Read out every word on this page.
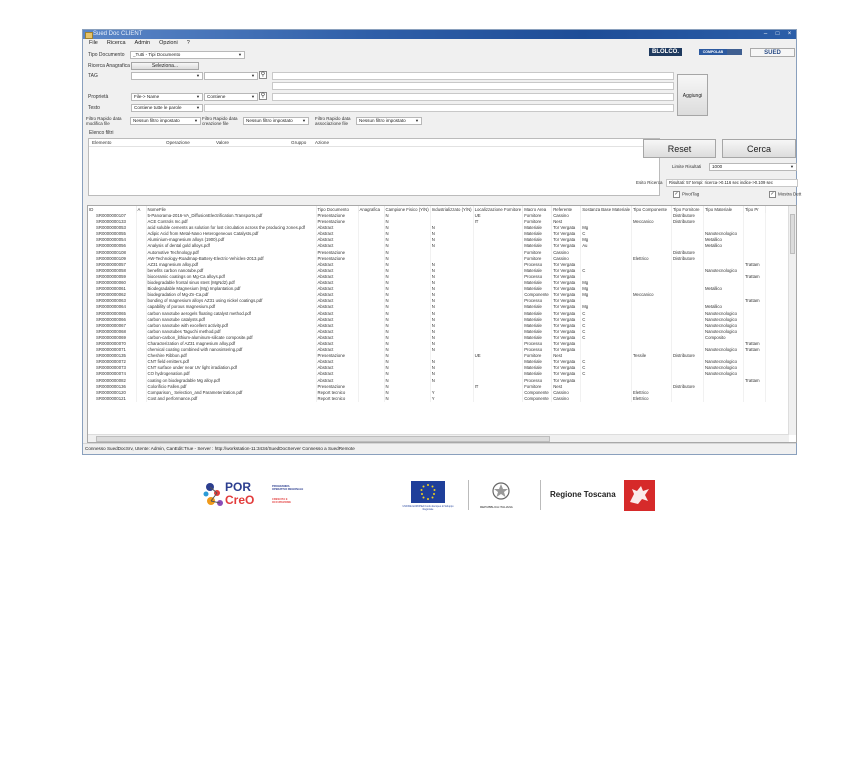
Sued Doc CLIENT	–	□	×
File Ricerca Admin Opzioni ?
BLOLCO.	COMPOLAB	SUED
Tipo Documento	_Tutti - Tipi Documento	▼
Ricerca Anagrafica	Seleziona...
TAG	▼	▼ ⚲
Proprietà	File-> Name	▼	Contiene	▼ ⚲
Testo	Contiene tutte le parole	▼
Aggiungi
Filtro Rapido data modifica file
Nessun filtro impostato	▼ Filtro Rapido data creazione file
Nessun filtro impostato ▼ Filtro Rapido data associazione file
Nessun filtro impostato ▼
Elenco filtri
Elemento	Operazione	Valore	Gruppo Azione
Reset	Cerca
Limite Risultati	1000	▼
Esito Ricerca	Risultati: 57 tempi: ricerca->0.116 sec indice->0.109 sec
✓ PivotTag	✓ Mostra Dett
ID	A	NomeFile	Tipo Documento	Anagrafica	Campione Fisico (Y/N)	Industrializzato (Y/N)	Localizzazione Fornitore	Macro Area	Referente	Sostanza Base Materiale	Tipo Componente	Tipo Fornitore	Tipo Materiale	Tipo Pr
SR0000000107		5-Panorama-2016-VA_DiffusionElectrification.Transports.pdf	Presentazione		N		UE	Fornitore	Cassino			Distributore		
SR0000000133		ACE Controls Inc.pdf	Presentazione		N		IT	Fornitore	Nest		Meccanico	Distributore		
SR0000000053		acid soluble cements as solution for lost circulation across the producing zones.pdf	Abstract		N	N		Materiale	Tor Vergata	Mg				
SR0000000055		Adipic Acid from Metal-Nano Heterogeneous Catalysts.pdf	Abstract		N	N		Materiale	Tor Vergata	C			Nanotecnologico	
SR0000000054		Aluminium-magnesium alloys (1900).pdf	Abstract		N	N		Materiale	Tor Vergata	Mg			Metallico	
SR0000000056		Analysis of dental gold alloys.pdf	Abstract		N	N		Materiale	Tor Vergata	Au			Metallico	
SR0000000108		Automotive Technology.pdf	Presentazione		N			Fornitore	Cassino			Distributore		
SR0000000109		AW-Technology-Roadmap-Battery-Electric-Vehicles-2013.pdf	Presentazione		N			Fornitore	Cassino		Elettrico	Distributore		
SR0000000057		AZ31 magnesium alloy.pdf	Abstract		N	N		Processo	Tor Vergata					Trattam
SR0000000058		benefits carbon nanotube.pdf	Abstract		N	N		Materiale	Tor Vergata	C			Nanotecnologico	
SR0000000059		bioceramic coatings on Mg-Ca alloys.pdf	Abstract		N	N		Processo	Tor Vergata					Trattam
SR0000000060		biodegradable frontal sinus stent (MgNd2).pdf	Abstract		N	N		Materiale	Tor Vergata	Mg				
SR0000000061		Biodegradable Magnesium (Mg) Implantation.pdf	Abstract		N	N		Materiale	Tor Vergata	Mg			Metallico	
SR0000000062		biodegradation of Mg-Zn-Ca.pdf	Abstract		N	N		Componente	Tor Vergata	Mg	Meccanico			
SR0000000063		bonding of magnesium alloys AZ31 using nickel coatings.pdf	Abstract		N	N		Processo	Tor Vergata					Trattam
SR0000000064		capability of porous magnesium.pdf	Abstract		N	N		Materiale	Tor Vergata	Mg			Metallico	
SR0000000065		carbon nanotube aerogels floating catalyst method.pdf	Abstract		N	N		Materiale	Tor Vergata	C			Nanotecnologico	
SR0000000066		carbon nanotube catalysts.pdf	Abstract		N	N		Materiale	Tor Vergata	C			Nanotecnologico	
SR0000000067		carbon nanotube with excellent activity.pdf	Abstract		N	N		Materiale	Tor Vergata	C			Nanotecnologico	
SR0000000068		carbon nanotubes Taguchi method.pdf	Abstract		N	N		Materiale	Tor Vergata	C			Nanotecnologico	
SR0000000069		carbon-carbon_lithium-aluminum-silicate composite.pdf	Abstract		N	N		Materiale	Tor Vergata	C			Composito	
SR0000000070		Characterization of AZ31 magnesium alloy.pdf	Abstract		N	N		Processo	Tor Vergata					Trattam
SR0000000071		chemical coating combined with nanosintering.pdf	Abstract		N	N		Processo	Tor Vergata				Nanotecnologico	Trattam
SR0000000135		Cheshire Ribbon.pdf	Presentazione		N		UE	Fornitore	Nest		Tessile	Distributore		
SR0000000072		CNT field emitters.pdf	Abstract		N	N		Materiale	Tor Vergata	C			Nanotecnologico	
SR0000000073		CNT surface under near UV light irradiation.pdf	Abstract		N	N		Materiale	Tor Vergata	C			Nanotecnologico	
SR0000000074		CO hydrogenation.pdf	Abstract		N	N		Materiale	Tor Vergata	C			Nanotecnologico	
SR0000000082		coating on biodegradable Mg alloy.pdf	Abstract		N	N		Processo	Tor Vergata					Trattam
SR0000000136		Colorificio Fallen.pdf	Presentazione		N		IT	Fornitore	Nest			Distributore		
SR0000000120		Comparison_ Selection_and Parameterization.pdf	Report tecnico		N	Y		Componente	Cassino		Elettrico			
SR0000000121		Cost and performance.pdf	Report tecnico		N	Y		Componente	Cassino		Elettrico			
Connesso SuedDocSrv, Utente: Admin, CanEdit:True - Server : http://workstation-11:3434/SuedDocServer Connesso a SuedRemote
POR
CreO
PROGRAMMA OPERATIVO REGIONALE
CRESCITA E OCCUPAZIONE
UNIONE EUROPEA Fondo Europeo di Sviluppo Regionale
REPUBBLICA ITALIANA
Regione Toscana
